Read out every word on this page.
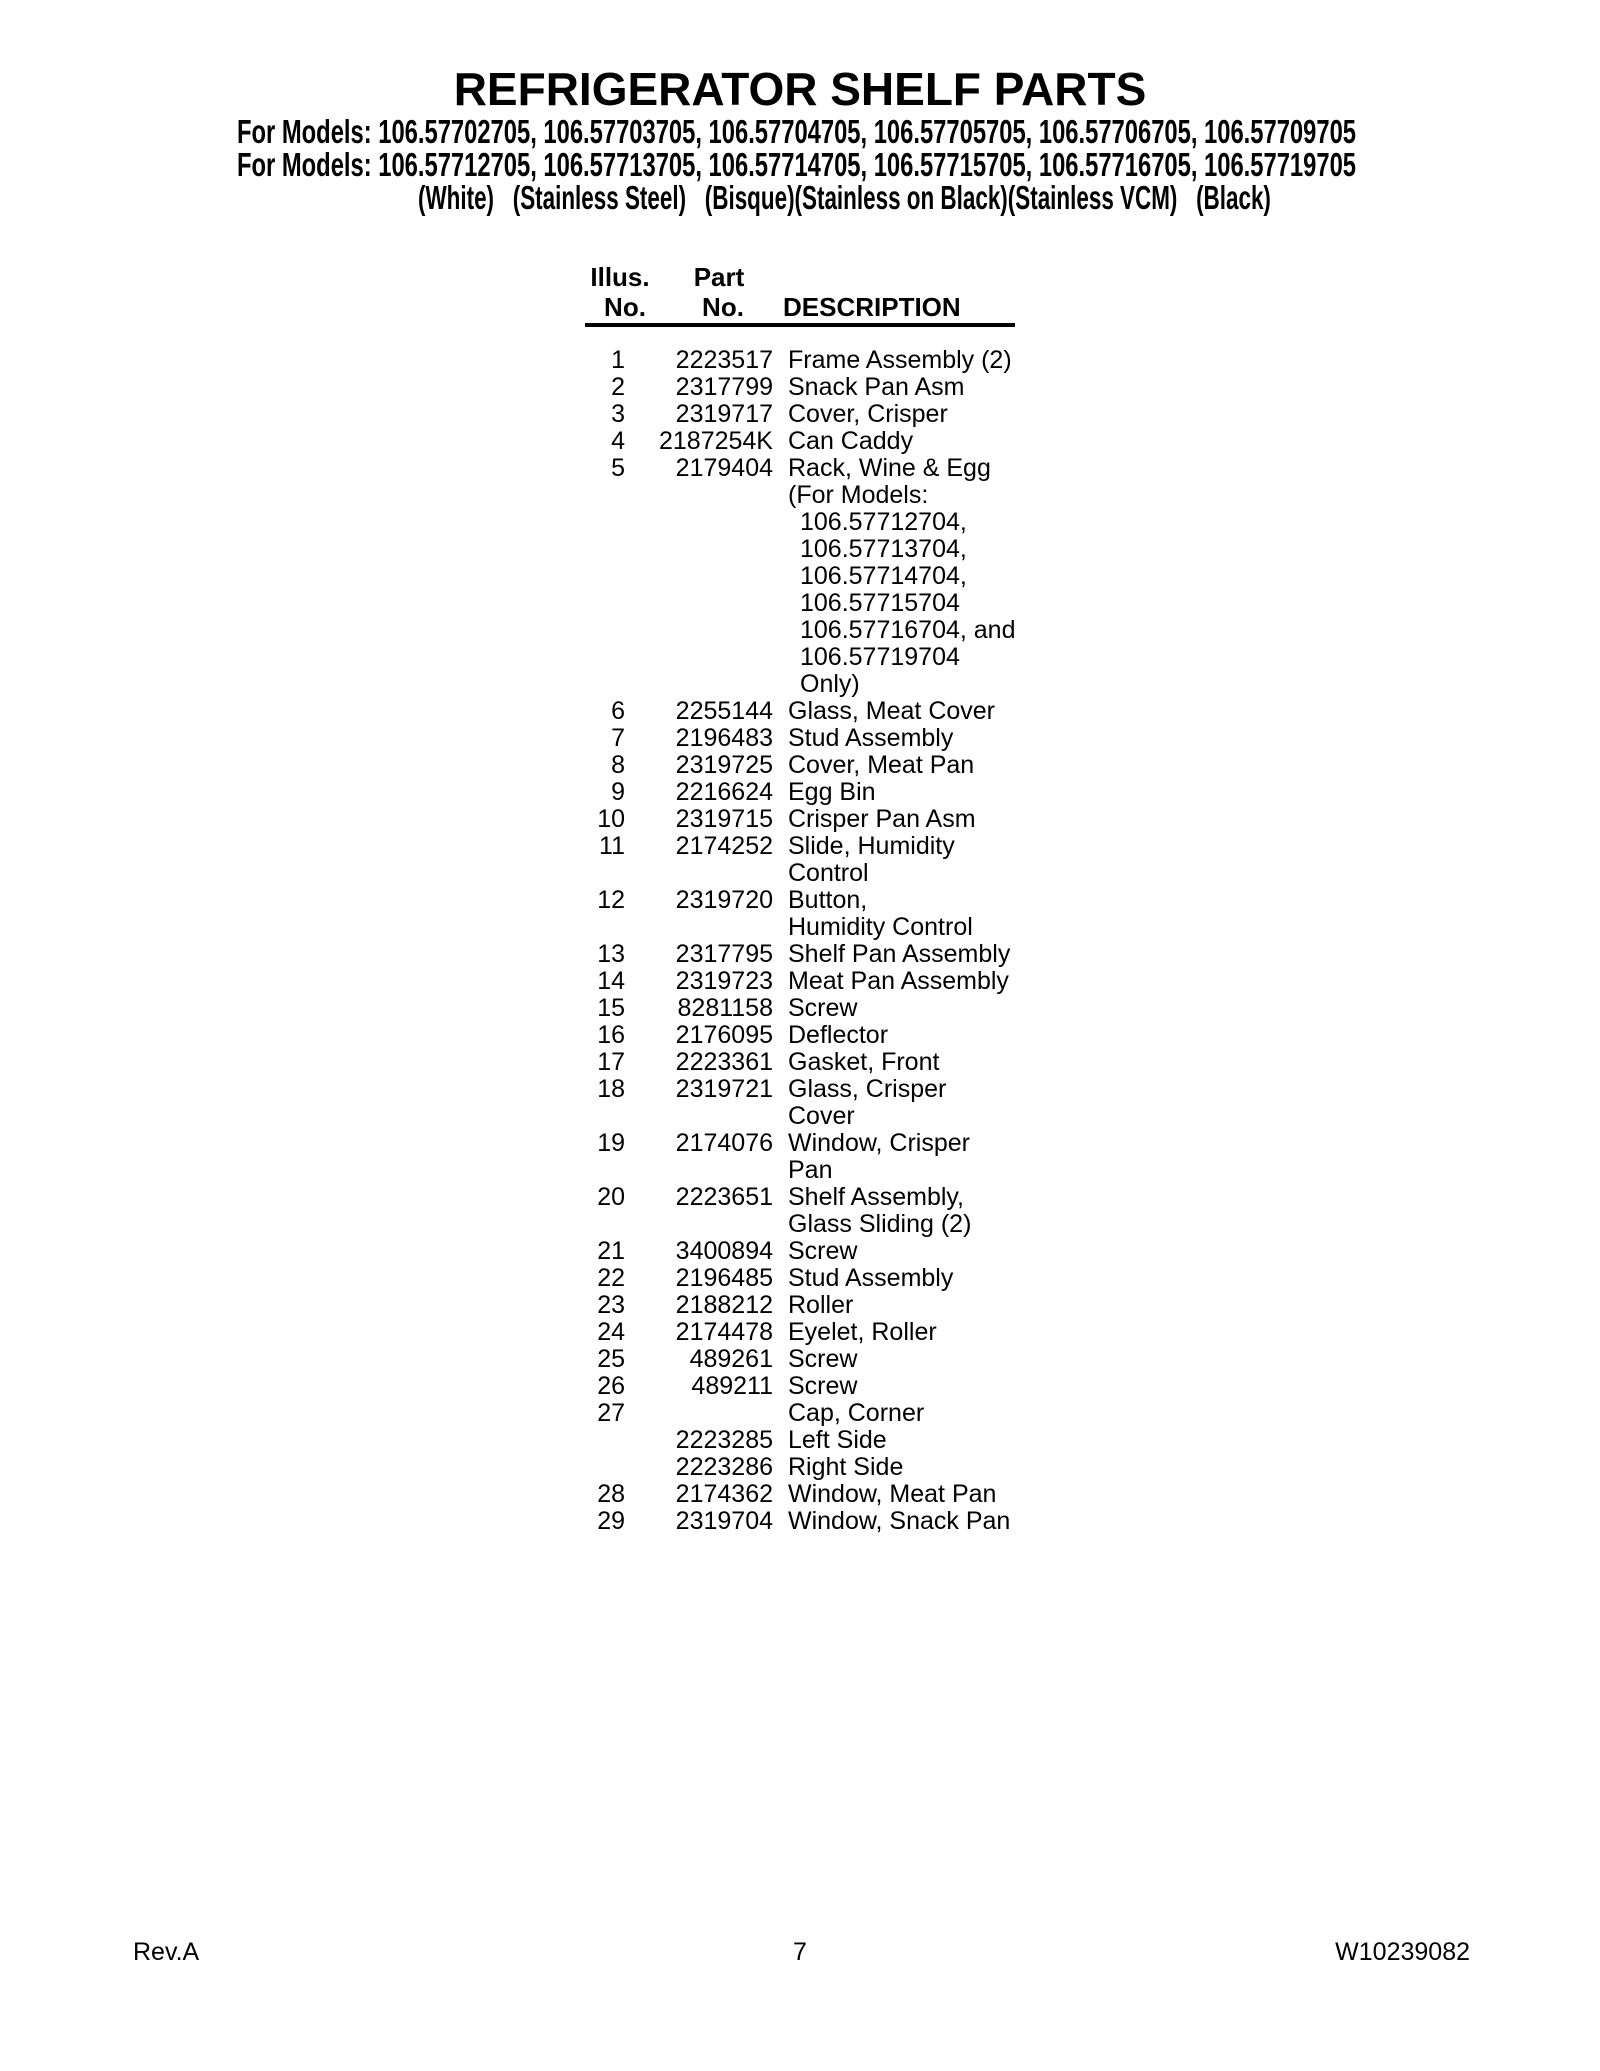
REFRIGERATOR SHELF PARTS
For Models: 106.57702705, 106.57703705, 106.57704705, 106.57705705, 106.57706705, 106.57709705
For Models: 106.57712705, 106.57713705, 106.57714705, 106.57715705, 106.57716705, 106.57719705
(White)   (Stainless Steel)   (Bisque)(Stainless on Black)(Stainless VCM)   (Black)
Illus.	Part
No.	No.	DESCRIPTION
1 2223517 Frame Assembly (2)
2 2317799 Snack Pan Asm
3 2319717 Cover, Crisper
4 2187254K Can Caddy
5 2179404 Rack, Wine & Egg
(For Models:
106.57712704,
106.57713704,
106.57714704,
106.57715704
106.57716704, and
106.57719704
Only)
6 2255144 Glass, Meat Cover
7 2196483 Stud Assembly
8 2319725 Cover, Meat Pan
9 2216624 Egg Bin
10 2319715 Crisper Pan Asm
11 2174252 Slide, Humidity
Control
12 2319720 Button,
Humidity Control
13 2317795 Shelf Pan Assembly
14 2319723 Meat Pan Assembly
15 8281158 Screw
16 2176095 Deflector
17 2223361 Gasket, Front
18 2319721 Glass, Crisper
Cover
19 2174076 Window, Crisper
Pan
20 2223651 Shelf Assembly,
Glass Sliding (2)
21 3400894 Screw
22 2196485 Stud Assembly
23 2188212 Roller
24 2174478 Eyelet, Roller
25	489261 Screw
26	489211 Screw
27	Cap, Corner
2223285 Left Side
2223286 Right Side
28 2174362 Window, Meat Pan
29 2319704 Window, Snack Pan
Rev.A	7	W10239082
